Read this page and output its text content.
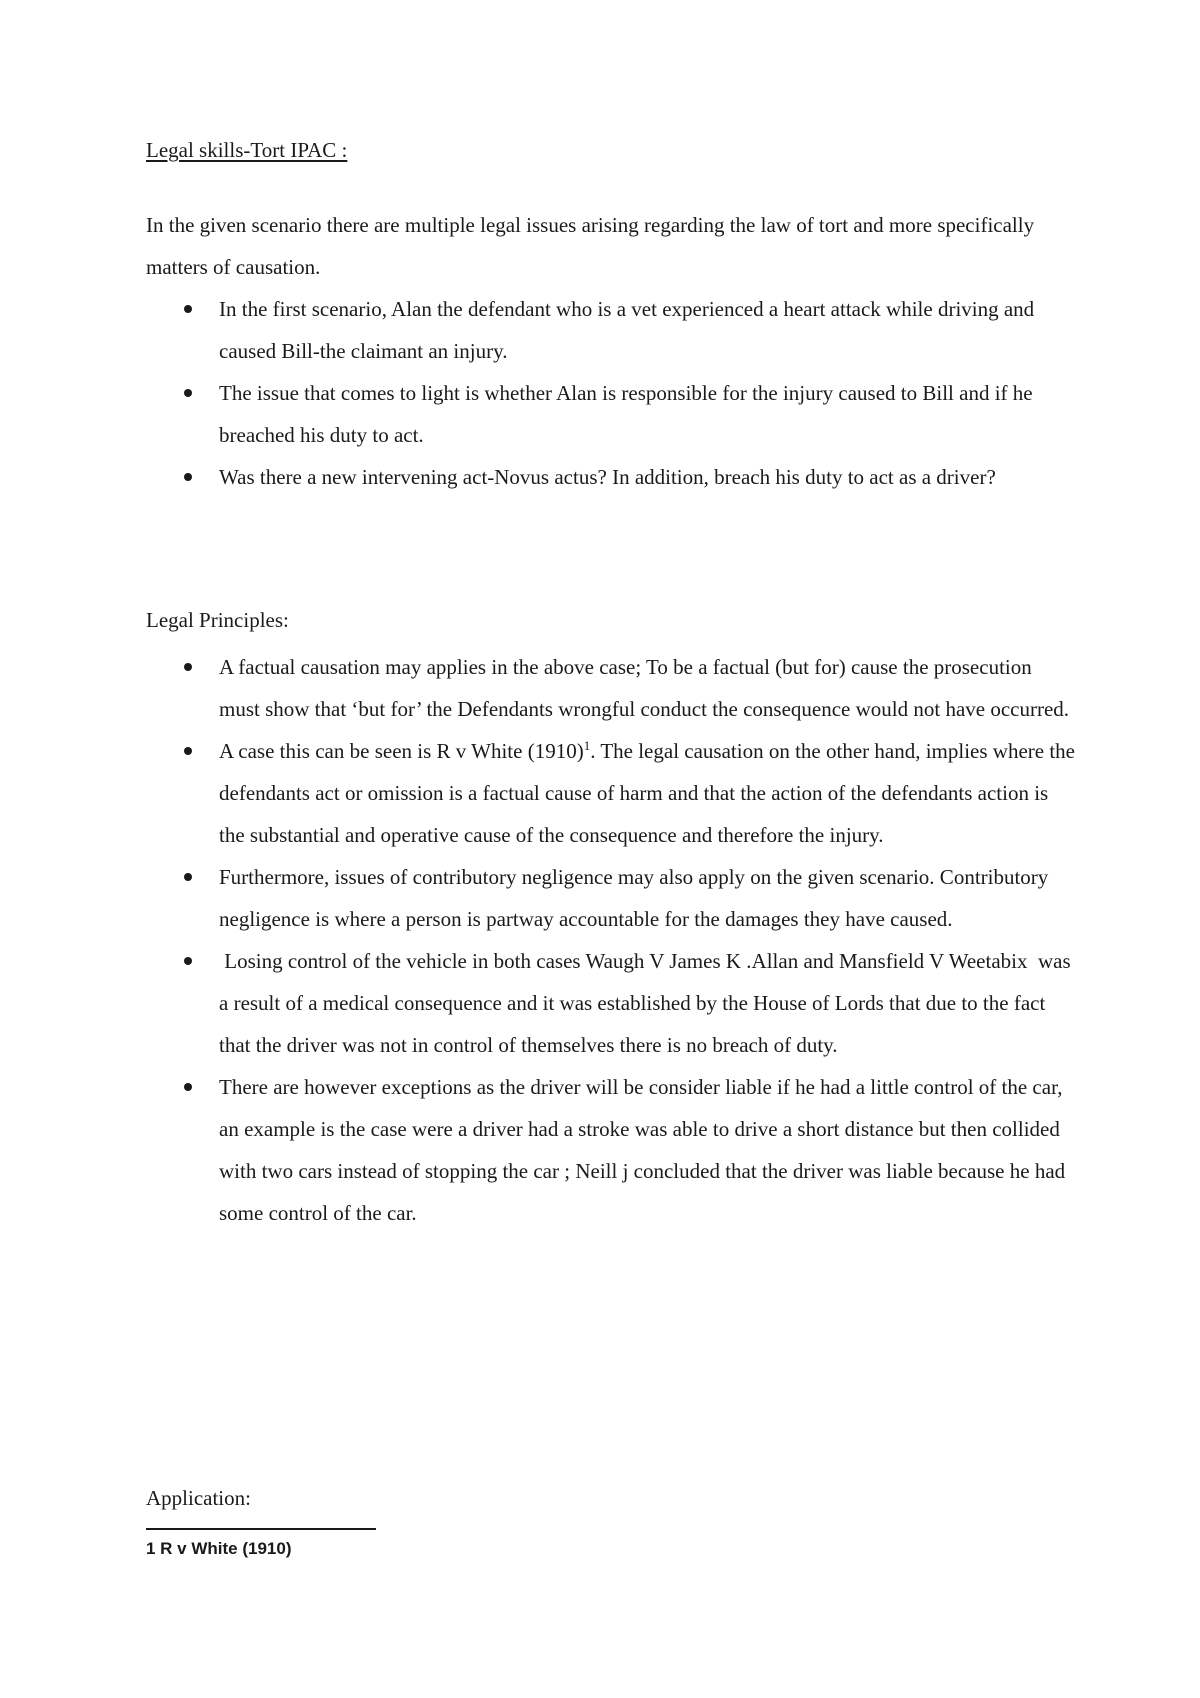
Legal skills-Tort IPAC :
In the given scenario there are multiple legal issues arising regarding the law of tort and more specifically matters of causation.
In the first scenario, Alan the defendant who is a vet experienced a heart attack while driving and caused Bill-the claimant an injury.
The issue that comes to light is whether Alan is responsible for the injury caused to Bill and if he breached his duty to act.
Was there a new intervening act-Novus actus? In addition, breach his duty to act as a driver?
Legal Principles:
A factual causation may applies in the above case; To be a factual (but for) cause the prosecution must show that ‘but for’ the Defendants wrongful conduct the consequence would not have occurred.
A case this can be seen is R v White $(1910)^1$. The legal causation on the other hand, implies where the defendants act or omission is a factual cause of harm and that the action of the defendants action is the substantial and operative cause of the consequence and therefore the injury.
Furthermore, issues of contributory negligence may also apply on the given scenario. Contributory negligence is where a person is partway accountable for the damages they have caused.
Losing control of the vehicle in both cases Waugh V James K .Allan and Mansfield V Weetabix  was a result of a medical consequence and it was established by the House of Lords that due to the fact that the driver was not in control of themselves there is no breach of duty.
There are however exceptions as the driver will be consider liable if he had a little control of the car, an example is the case were a driver had a stroke was able to drive a short distance but then collided with two cars instead of stopping the car ; Neill j concluded that the driver was liable because he had some control of the car.
Application:
1 R v White (1910)
